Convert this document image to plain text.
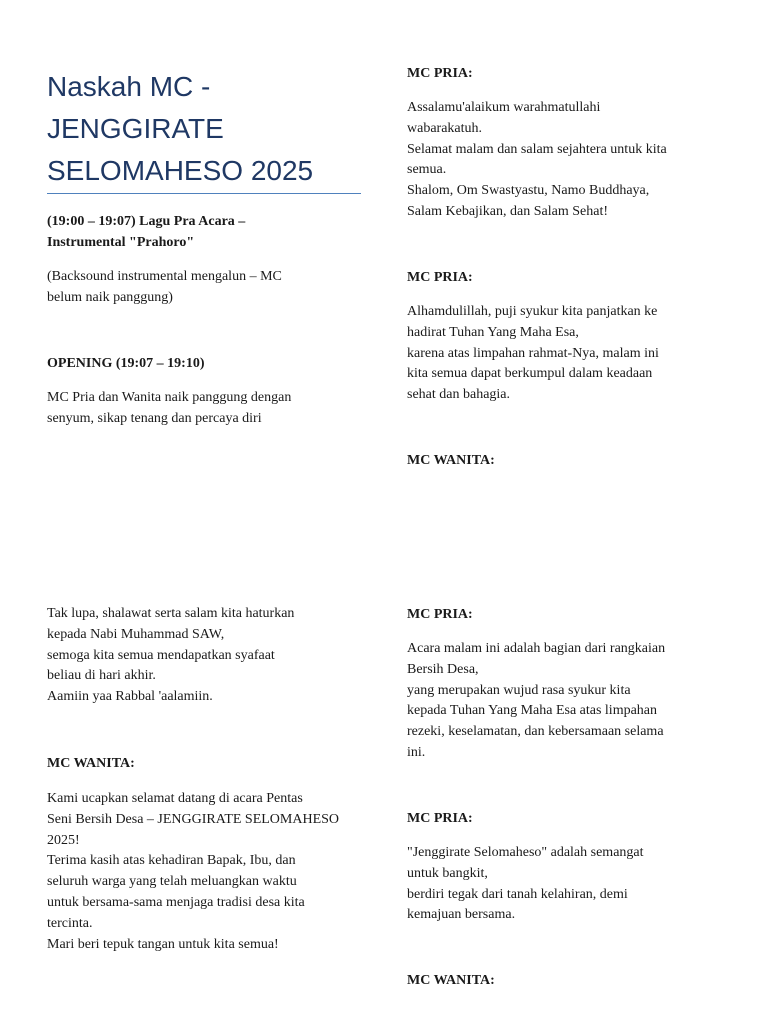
Naskah MC -
JENGGIRATE
SELOMAHESO 2025
(19:00 – 19:07) Lagu Pra Acara –
Instrumental "Prahoro"
(Backsound instrumental mengalun – MC
belum naik panggung)
OPENING (19:07 – 19:10)
MC Pria dan Wanita naik panggung dengan
senyum, sikap tenang dan percaya diri
Tak lupa, shalawat serta salam kita haturkan
kepada Nabi Muhammad SAW,
semoga kita semua mendapatkan syafaat
beliau di hari akhir.
Aamiin yaa Rabbal 'aalamiin.
MC WANITA:
Kami ucapkan selamat datang di acara Pentas
Seni Bersih Desa – JENGGIRATE SELOMAHESO
2025!
Terima kasih atas kehadiran Bapak, Ibu, dan
seluruh warga yang telah meluangkan waktu
untuk bersama-sama menjaga tradisi desa kita
tercinta.
Mari beri tepuk tangan untuk kita semua!
MC PRIA:
Assalamu'alaikum warahmatullahi
wabarakatuh.
Selamat malam dan salam sejahtera untuk kita
semua.
Shalom, Om Swastyastu, Namo Buddhaya,
Salam Kebajikan, dan Salam Sehat!
MC PRIA:
Alhamdulillah, puji syukur kita panjatkan ke
hadirat Tuhan Yang Maha Esa,
karena atas limpahan rahmat-Nya, malam ini
kita semua dapat berkumpul dalam keadaan
sehat dan bahagia.
MC WANITA:
MC PRIA:
Acara malam ini adalah bagian dari rangkaian
Bersih Desa,
yang merupakan wujud rasa syukur kita
kepada Tuhan Yang Maha Esa atas limpahan
rezeki, keselamatan, dan kebersamaan selama
ini.
MC PRIA:
"Jenggirate Selomaheso" adalah semangat
untuk bangkit,
berdiri tegak dari tanah kelahiran, demi
kemajuan bersama.
MC WANITA:
